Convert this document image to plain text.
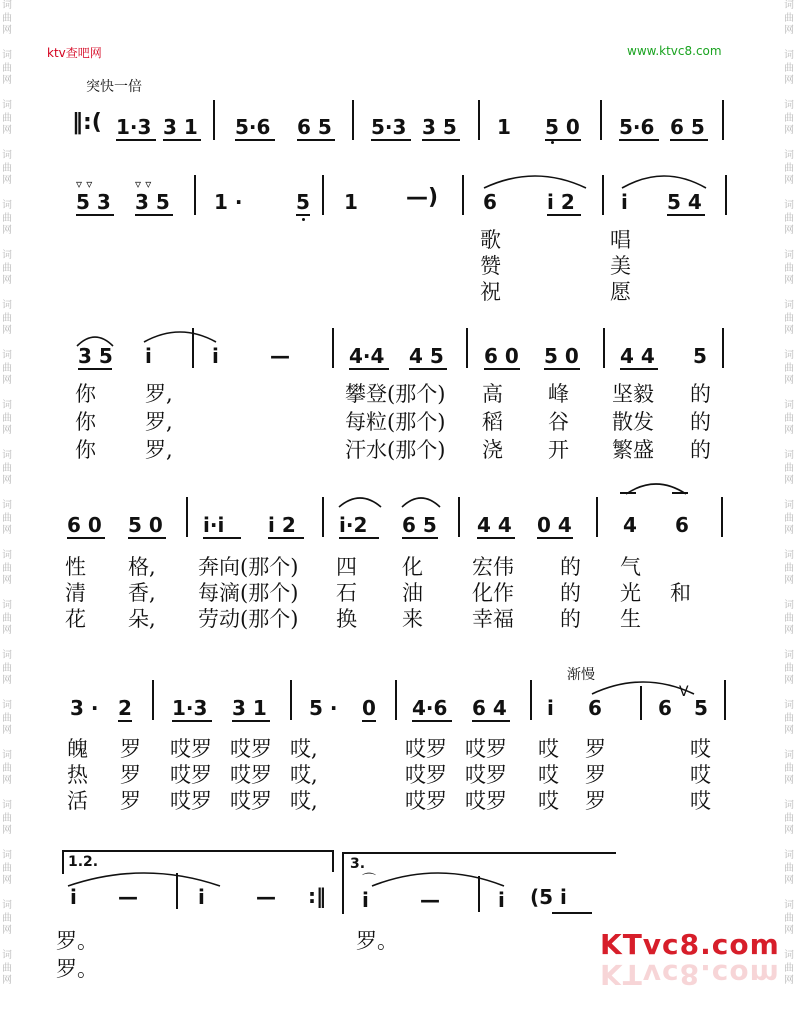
词
曲
网

词
曲
网

词
曲
网

词
曲
网

词
曲
网

词
曲
网

词
曲
网

词
曲
网

词
曲
网

词
曲
网

词
曲
网

词
曲
网

词
曲
网

词
曲
网

词
曲
网

词
曲
网

词
曲
网

词
曲
网

词
曲
网

词
曲
网

词
曲
网

词
曲
网

词
曲
网

词
曲
网

词
曲
网

词
曲
网

词
曲
网

词
曲
网

词
曲
网

词
曲
网

词
曲
网

词
曲
网

词
曲
网

词
曲
网

词
曲
网

词
曲
网

词
曲
网

词
曲
网

词
曲
网

词
曲
网

ktv查吧网	www.ktvc8.com
突快一倍
‖:( 1·3 3 1 5·6 6 5 5·3 3 5 1 5 0 5·6 6 5
▿ ▿	▿ ▿
5 3 3 5 1 ·	5 1 —) 6	i 2 i 5 4
歌	唱
赞	美
祝	愿
3 5 i	i	—	4·4 4 5 6 0 5 0 4 4 5
你 罗,	攀登(那个) 高 峰 坚毅 的
你 罗,	每粒(那个) 稻 谷 散发 的
你 罗,	汗水(那个) 浇 开 繁盛 的
6 0 5 0 i·i i 2 i·2 6 5 4 4 0 4	4 6
性 格, 奔向(那个) 四 化 宏伟 的 气
清 香, 每滴(那个) 石 油 化作 的 光 和
花 朵, 劳动(那个) 换 来 幸福 的 生
渐慢
3 · 2 1·3 3 1 5 · 0 4·6 6 4 i 6	6
V
5
魄 罗 哎罗 哎罗 哎,	哎罗 哎罗 哎 罗	哎
热 罗 哎罗 哎罗 哎,	哎罗 哎罗 哎 罗	哎
活 罗 哎罗 哎罗 哎,	哎罗 哎罗 哎 罗	哎
1.2.	3.
i —	i	— :‖
⌒
i	—	i (5 i
罗。
罗。
罗。	KTvc8.com
KTvc8.com
